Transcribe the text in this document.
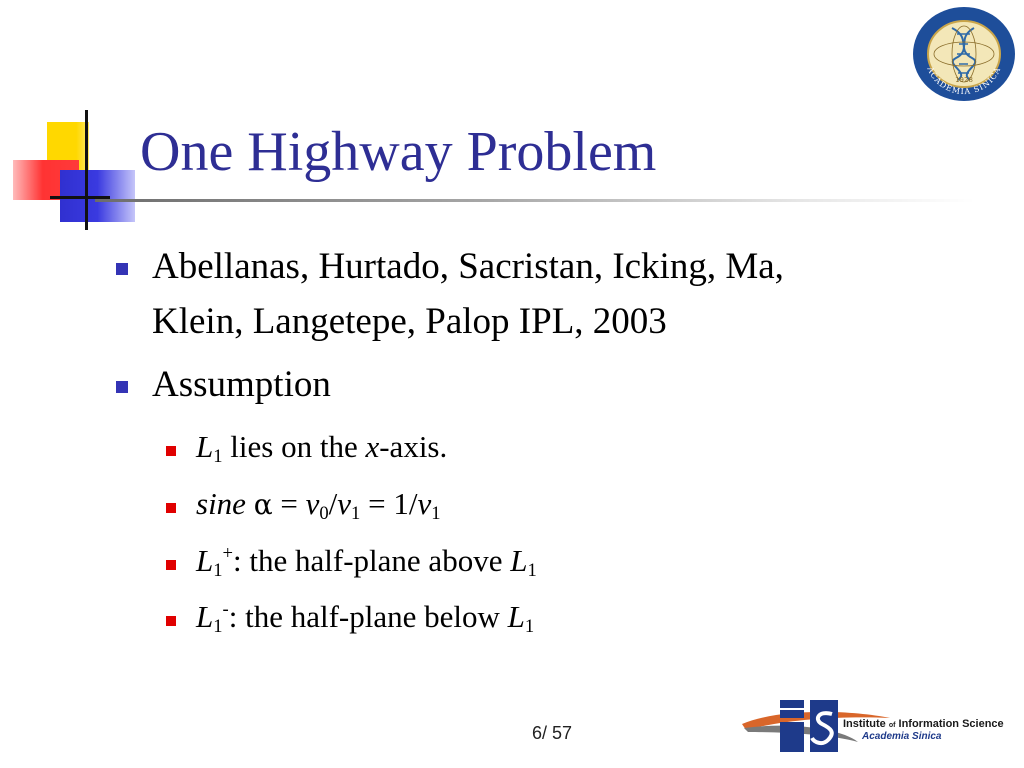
1928
ACADEMIA SINICA
One Highway Problem
Abellanas, Hurtado, Sacristan, Icking, Ma,
Klein, Langetepe, Palop IPL, 2003
Assumption
$L_1$ lies on the x-axis.
sine $\alpha = v_0/v_1 = 1/v_1$
$L_1^+$: the half-plane above $L_1$
$L_1^-$: the half-plane below $L_1$
6/ 57	Institute of Information Science
Academia Sinica
